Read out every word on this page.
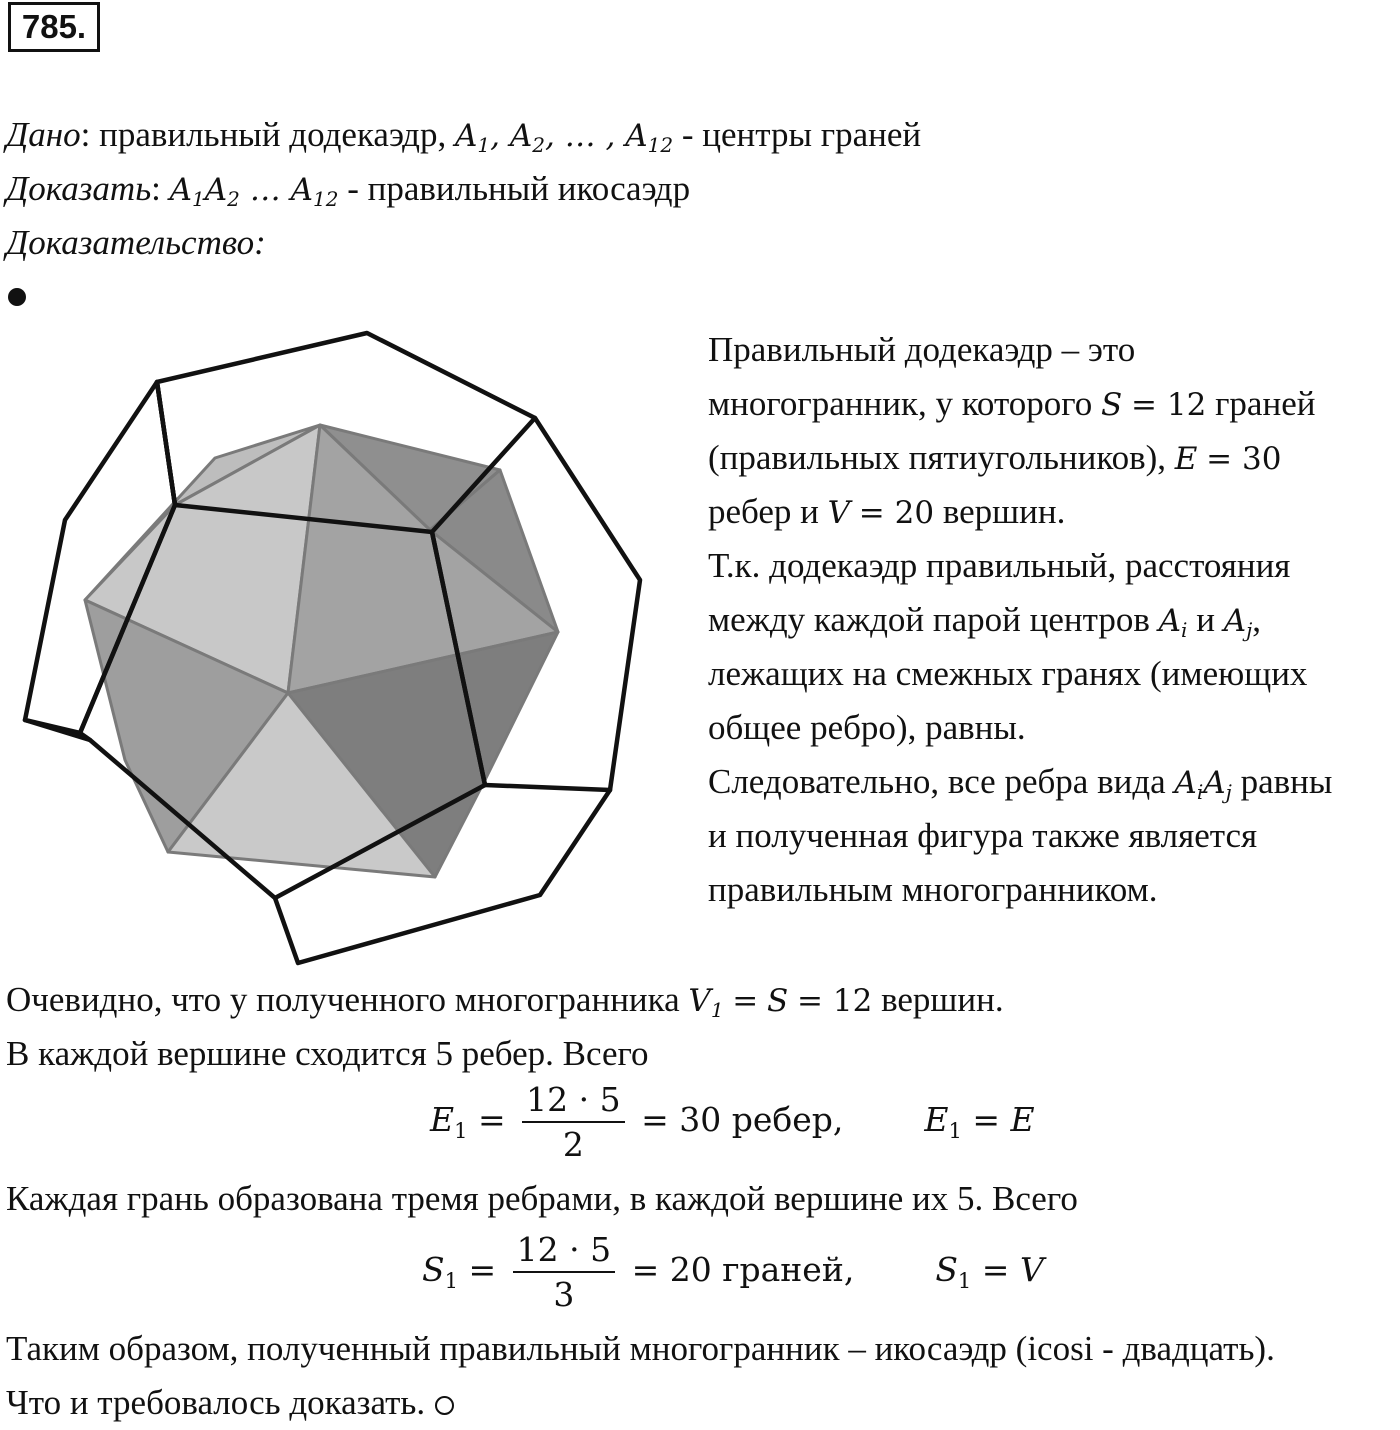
785.
Дано: правильный додекаэдр, $A_1$, $A_2$, … , $A_{12}$ - центры граней
Доказать: $A_1A_2$ … $A_{12}$ - правильный икосаэдр
Доказательство:
Правильный додекаэдр – это
многогранник, у которого S = 12 граней
(правильных пятиугольников), E = 30
ребер и V = 20 вершин.
Т.к. додекаэдр правильный, расстояния
между каждой парой центров $A_i$ и $A_j$,
лежащих на смежных гранях (имеющих
общее ребро), равны.
Следовательно, все ребра вида $A_iA_j$ равны
и полученная фигура также является
правильным многогранником.
Очевидно, что у полученного многогранника $V_1 = S = 12$ вершин.
В каждой вершине сходится 5 ребер. Всего
$E_1 = \frac{12 \cdot 5}{2} = 30$ ребер, $E_1 = E$
Каждая грань образована тремя ребрами, в каждой вершине их 5. Всего
$S_1 = \frac{12 \cdot 5}{3} = 20$ граней, $S_1 = V$
Таким образом, полученный правильный многогранник – икосаэдр (icosi - двадцать).
Что и требовалось доказать.
